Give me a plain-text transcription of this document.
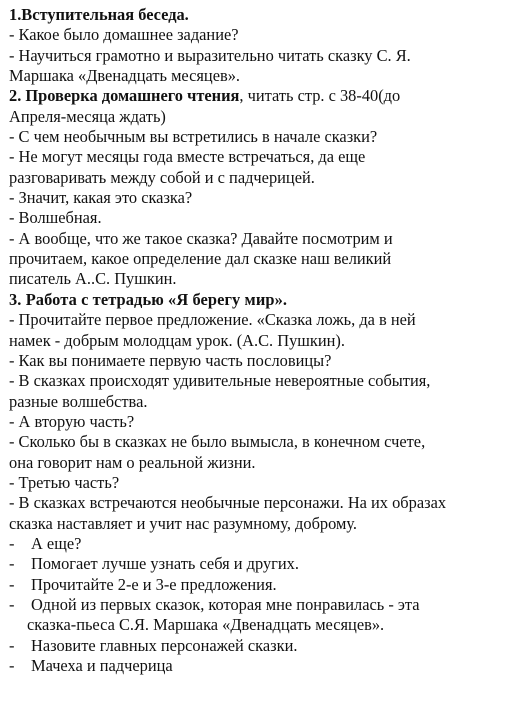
1.Вступительная беседа.
- Какое было домашнее задание?
- Научиться грамотно и выразительно читать сказку С. Я.
Маршака «Двенадцать месяцев».
2. Проверка домашнего чтения, читать стр. с 38-40(до
Апреля-месяца ждать)
- С чем необычным вы встретились в начале сказки?
- Не могут месяцы года вместе встречаться, да еще
разговаривать между собой и с падчерицей.
- Значит, какая это сказка?
- Волшебная.
- А вообще, что же такое сказка? Давайте посмотрим и
прочитаем, какое определение дал сказке наш великий
писатель А..С. Пушкин.
3. Работа с тетрадью «Я берегу мир».
- Прочитайте первое предложение. «Сказка ложь, да в ней
намек - добрым молодцам урок. (А.С. Пушкин).
- Как вы понимаете первую часть пословицы?
- В сказках происходят удивительные невероятные события,
разные волшебства.
- А вторую часть?
- Сколько бы в сказках не было вымысла, в конечном счете,
она говорит нам о реальной жизни.
- Третью часть?
- В сказках встречаются необычные персонажи. На их образах
сказка наставляет и учит нас разумному, доброму.
-	А еще?
-	Помогает лучше узнать себя и других.
-	Прочитайте 2-е и 3-е предложения.
-	Одной из первых сказок, которая мне понравилась - эта
сказка-пьеса С.Я. Маршака «Двенадцать месяцев».
-	Назовите главных персонажей сказки.
-	Мачеха и падчерица
